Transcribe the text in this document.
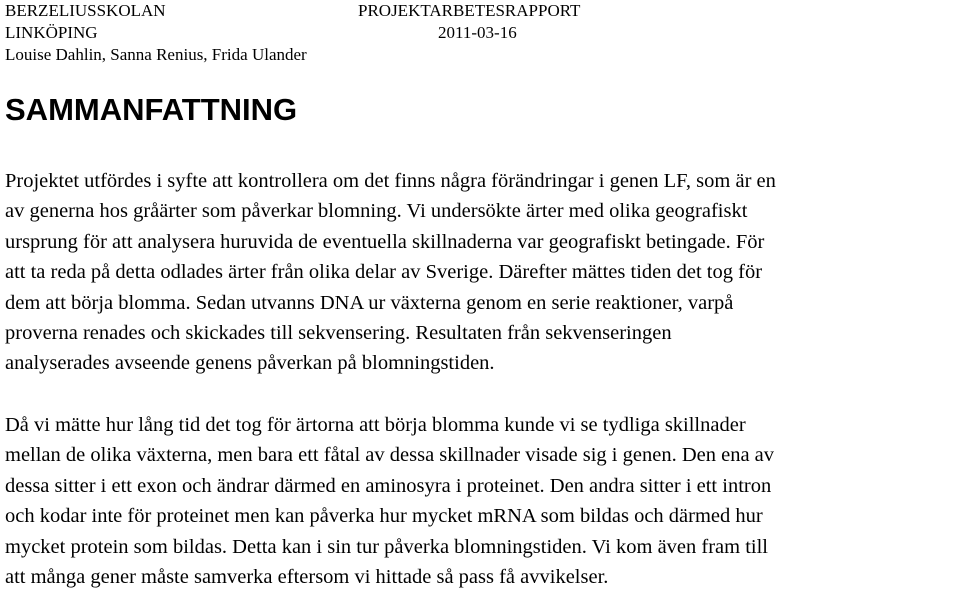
BERZELIUSSKOLAN	PROJEKTARBETESRAPPORT
LINKÖPING	2011-03-16
Louise Dahlin, Sanna Renius, Frida Ulander
SAMMANFATTNING
Projektet utfördes i syfte att kontrollera om det finns några förändringar i genen LF, som är en
av generna hos gråärter som påverkar blomning. Vi undersökte ärter med olika geografiskt
ursprung för att analysera huruvida de eventuella skillnaderna var geografiskt betingade. För
att ta reda på detta odlades ärter från olika delar av Sverige. Därefter mättes tiden det tog för
dem att börja blomma. Sedan utvanns DNA ur växterna genom en serie reaktioner, varpå
proverna renades och skickades till sekvensering. Resultaten från sekvenseringen
analyserades avseende genens påverkan på blomningstiden.
Då vi mätte hur lång tid det tog för ärtorna att börja blomma kunde vi se tydliga skillnader
mellan de olika växterna, men bara ett fåtal av dessa skillnader visade sig i genen. Den ena av
dessa sitter i ett exon och ändrar därmed en aminosyra i proteinet. Den andra sitter i ett intron
och kodar inte för proteinet men kan påverka hur mycket mRNA som bildas och därmed hur
mycket protein som bildas. Detta kan i sin tur påverka blomningstiden. Vi kom även fram till
att många gener måste samverka eftersom vi hittade så pass få avvikelser.
